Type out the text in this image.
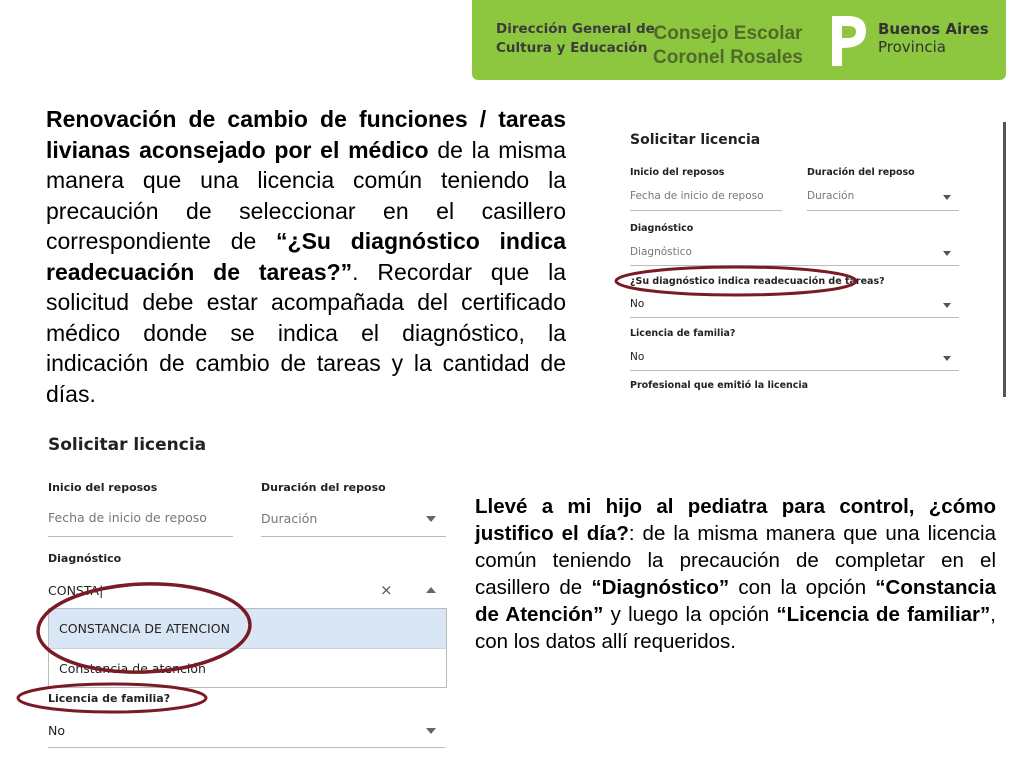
Dirección General de
Cultura y Educación
Consejo Escolar
Coronel Rosales
Buenos Aires
Provincia
Renovación de cambio de funciones / tareas livianas aconsejado por el médico de la misma manera que una licencia común teniendo la precaución de seleccionar en el casillero correspondiente de “¿Su diagnóstico indica readecuación de tareas?”. Recordar que la solicitud debe estar acompañada del certificado médico donde se indica el diagnóstico, la indicación de cambio de tareas y la cantidad de días.
Solicitar licencia
Inicio del reposos
Fecha de inicio de reposo
Duración del reposo
Duración
Diagnóstico
Diagnóstico
¿Su diagnóstico indica readecuación de tareas?
No
Licencia de familia?
No
Profesional que emitió la licencia
Solicitar licencia
Inicio del reposos
Fecha de inicio de reposo
Duración del reposo
Duración
Diagnóstico
CONSTA|	×
CONSTANCIA DE ATENCION
Constancia de atención
Licencia de familia?
No
Llevé a mi hijo al pediatra para control, ¿cómo justifico el día?: de la misma manera que una licencia común teniendo la precaución de completar en el casillero de “Diagnóstico” con la opción “Constancia de Atención” y luego la opción “Licencia de familiar”, con los datos allí requeridos.
